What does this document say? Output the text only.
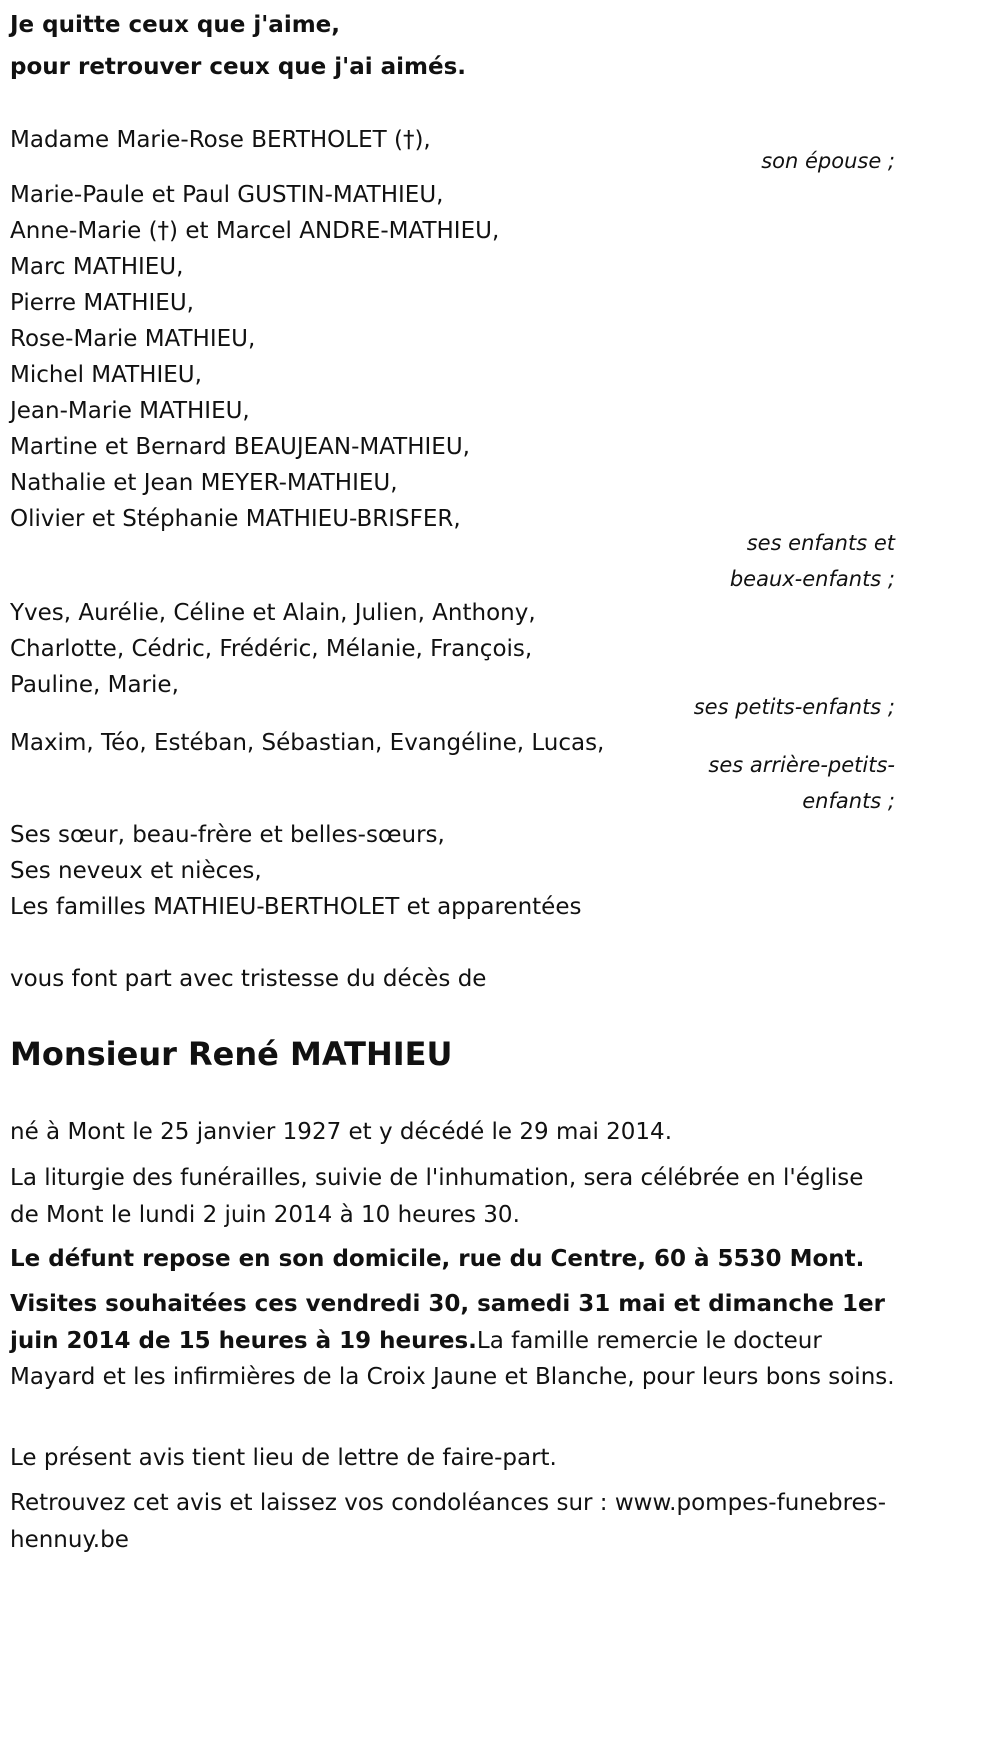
Je quitte ceux que j'aime,
pour retrouver ceux que j'ai aimés.
Madame Marie-Rose BERTHOLET (†),
son épouse ;
Marie-Paule et Paul GUSTIN-MATHIEU,
Anne-Marie (†) et Marcel ANDRE-MATHIEU,
Marc MATHIEU,
Pierre MATHIEU,
Rose-Marie MATHIEU,
Michel MATHIEU,
Jean-Marie MATHIEU,
Martine et Bernard BEAUJEAN-MATHIEU,
Nathalie et Jean MEYER-MATHIEU,
Olivier et Stéphanie MATHIEU-BRISFER,
ses enfants et
beaux-enfants ;
Yves, Aurélie, Céline et Alain, Julien, Anthony,
Charlotte, Cédric, Frédéric, Mélanie, François,
Pauline, Marie,
ses petits-enfants ;
Maxim, Téo, Estéban, Sébastian, Evangéline, Lucas,
ses arrière-petits-
enfants ;
Ses sœur, beau-frère et belles-sœurs,
Ses neveux et nièces,
Les familles MATHIEU-BERTHOLET et apparentées
vous font part avec tristesse du décès de
Monsieur René MATHIEU
né à Mont le 25 janvier 1927 et y décédé le 29 mai 2014.
La liturgie des funérailles, suivie de l'inhumation, sera célébrée en l'église de Mont le lundi 2 juin 2014 à 10 heures 30.
Le défunt repose en son domicile, rue du Centre, 60 à 5530 Mont.
Visites souhaitées ces vendredi 30, samedi 31 mai et dimanche 1er juin 2014 de 15 heures à 19 heures.La famille remercie le docteur Mayard et les infirmières de la Croix Jaune et Blanche, pour leurs bons soins.
Le présent avis tient lieu de lettre de faire-part.
Retrouvez cet avis et laissez vos condoléances sur : www.pompes-funebres-hennuy.be
